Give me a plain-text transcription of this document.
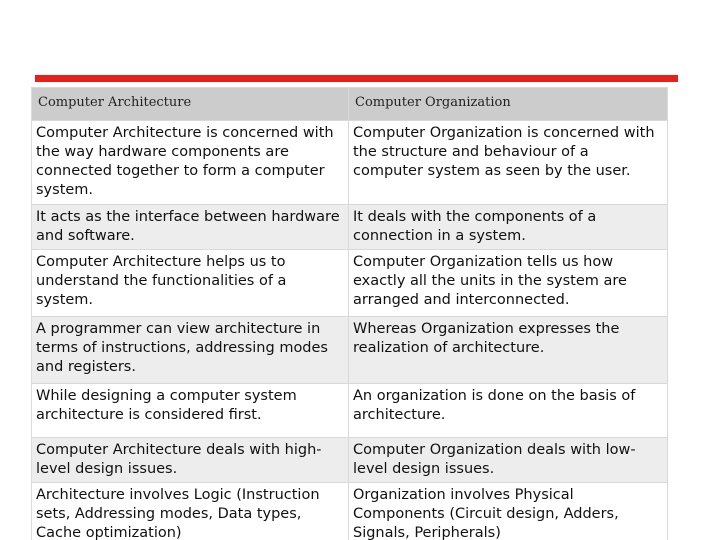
Computer Architecture	Computer Organization
Computer Architecture is concerned with the way hardware components are connected together to form a computer system.	Computer Organization is concerned with the structure and behaviour of a computer system as seen by the user.
It acts as the interface between hardware and software.	It deals with the components of a connection in a system.
Computer Architecture helps us to understand the functionalities of a system.	Computer Organization tells us how exactly all the units in the system are arranged and interconnected.
A programmer can view architecture in terms of instructions, addressing modes and registers.	Whereas Organization expresses the realization of architecture.
While designing a computer system architecture is considered first.	An organization is done on the basis of architecture.
Computer Architecture deals with high-level design issues.	Computer Organization deals with low-level design issues.
Architecture involves Logic (Instruction sets, Addressing modes, Data types, Cache optimization)	Organization involves Physical Components (Circuit design, Adders, Signals, Peripherals)
